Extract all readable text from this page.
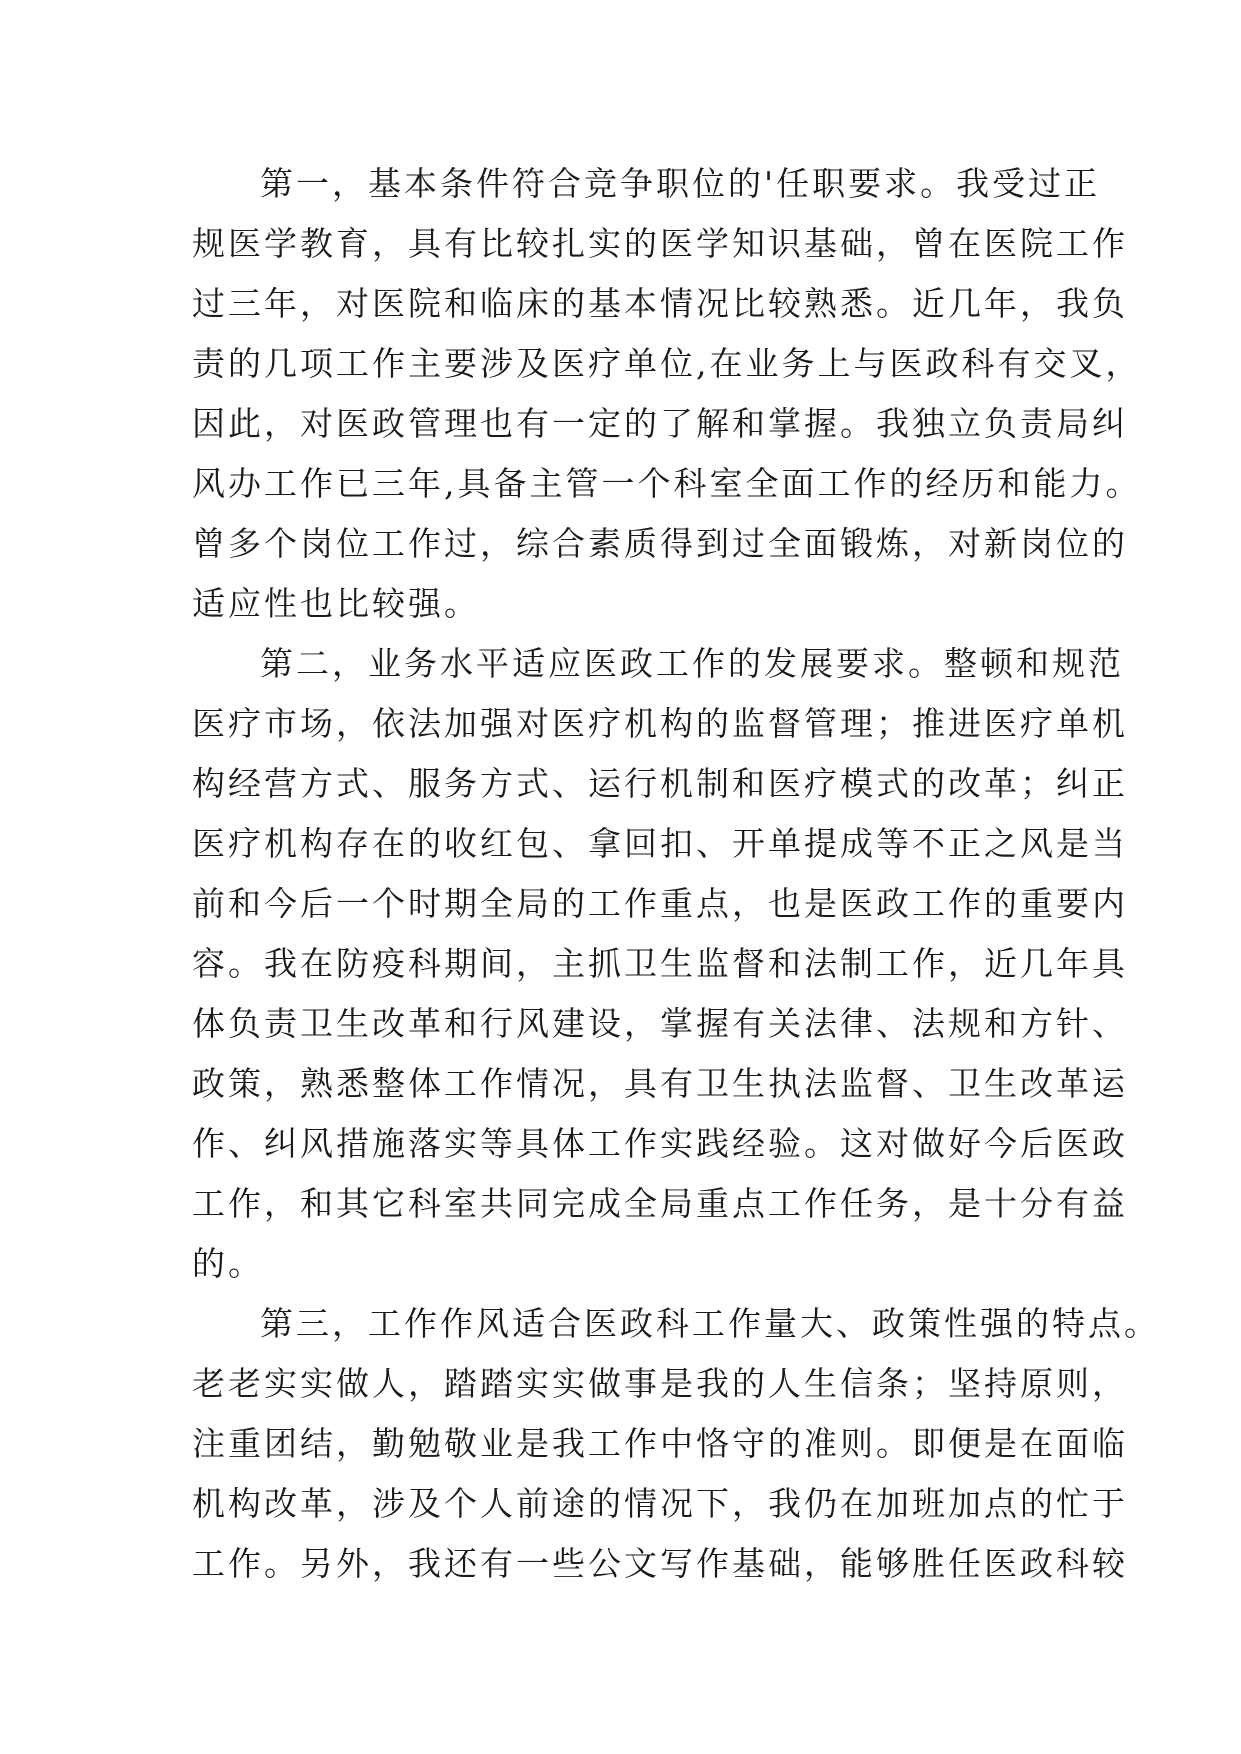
第一，基本条件符合竞争职位的'任职要求。我受过正
规医学教育，具有比较扎实的医学知识基础，曾在医院工作
过三年，对医院和临床的基本情况比较熟悉。近几年，我负
责的几项工作主要涉及医疗单位,在业务上与医政科有交叉，
因此，对医政管理也有一定的了解和掌握。我独立负责局纠
风办工作已三年,具备主管一个科室全面工作的经历和能力。
曾多个岗位工作过，综合素质得到过全面锻炼，对新岗位的
适应性也比较强。
第二，业务水平适应医政工作的发展要求。整顿和规范
医疗市场，依法加强对医疗机构的监督管理；推进医疗单机
构经营方式、服务方式、运行机制和医疗模式的改革；纠正
医疗机构存在的收红包、拿回扣、开单提成等不正之风是当
前和今后一个时期全局的工作重点，也是医政工作的重要内
容。我在防疫科期间，主抓卫生监督和法制工作，近几年具
体负责卫生改革和行风建设，掌握有关法律、法规和方针、
政策，熟悉整体工作情况，具有卫生执法监督、卫生改革运
作、纠风措施落实等具体工作实践经验。这对做好今后医政
工作，和其它科室共同完成全局重点工作任务，是十分有益
的。
第三，工作作风适合医政科工作量大、政策性强的特点。
老老实实做人，踏踏实实做事是我的人生信条；坚持原则，
注重团结，勤勉敬业是我工作中恪守的准则。即便是在面临
机构改革，涉及个人前途的情况下，我仍在加班加点的忙于
工作。另外，我还有一些公文写作基础，能够胜任医政科较
